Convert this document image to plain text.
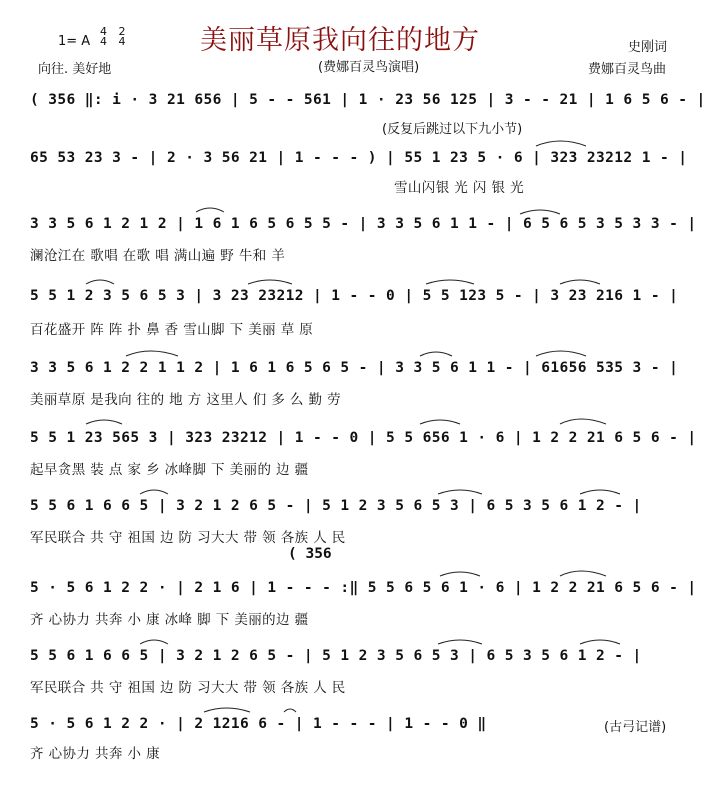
美丽草原我向往的地方
(费娜百灵鸟演唱)
1= A
4
4 2
4
向往. 美好地
史刚词
费娜百灵鸟曲
( 356 ‖: i · 3 21 656 | 5 - - 561 | 1 · 23 56 125 | 3 - - 21 | 1 6 5 6 - |
(反复后跳过以下九小节)
65 53 23 3 - | 2 · 3 56 21 | 1 - - - ) | 55 1 23 5 · 6 | 323 23212 1 - |
雪山闪银 光 闪 银 光
3 3 5 6 1 2 1 2 | 1 6 1 6 5 6 5 5 - | 3 3 5 6 1 1 - | 6 5 6 5 3 5 3 3 - |
澜沧江在 歌唱 在歌 唱 满山遍 野 牛和 羊
5 5 1 2 3 5 6 5 3 | 3 23 23212 | 1 - - 0 | 5 5 123 5 - | 3 23 216 1 - |
百花盛开 阵 阵 扑 鼻 香 雪山脚 下 美丽 草 原
3 3 5 6 1 2 2 1 1 2 | 1 6 1 6 5 6 5 - | 3 3 5 6 1 1 - | 61656 535 3 - |
美丽草原 是我向 往的 地 方 这里人 们 多 么 勤 劳
5 5 1 23 565 3 | 323 23212 | 1 - - 0 | 5 5 656 1 · 6 | 1 2 2 21 6 5 6 - |
起早贪黑 装 点 家 乡 冰峰脚 下 美丽的 边 疆
5 5 6 1 6 6 5 | 3 2 1 2 6 5 - | 5 1 2 3 5 6 5 3 | 6 5 3 5 6 1 2 - |
军民联合 共 守 祖国 边 防 习大大 带 领 各族 人 民
( 356
5 · 5 6 1 2 2 · | 2 1 6 | 1 - - - :‖ 5 5 6 5 6 1 · 6 | 1 2 2 21 6 5 6 - |
齐 心协力 共奔 小 康 冰峰 脚 下 美丽的边 疆
5 5 6 1 6 6 5 | 3 2 1 2 6 5 - | 5 1 2 3 5 6 5 3 | 6 5 3 5 6 1 2 - |
军民联合 共 守 祖国 边 防 习大大 带 领 各族 人 民
5 · 5 6 1 2 2 · | 2 1216 6 - | 1 - - - | 1 - - 0 ‖
齐 心协力 共奔 小 康
(古弓记谱)
